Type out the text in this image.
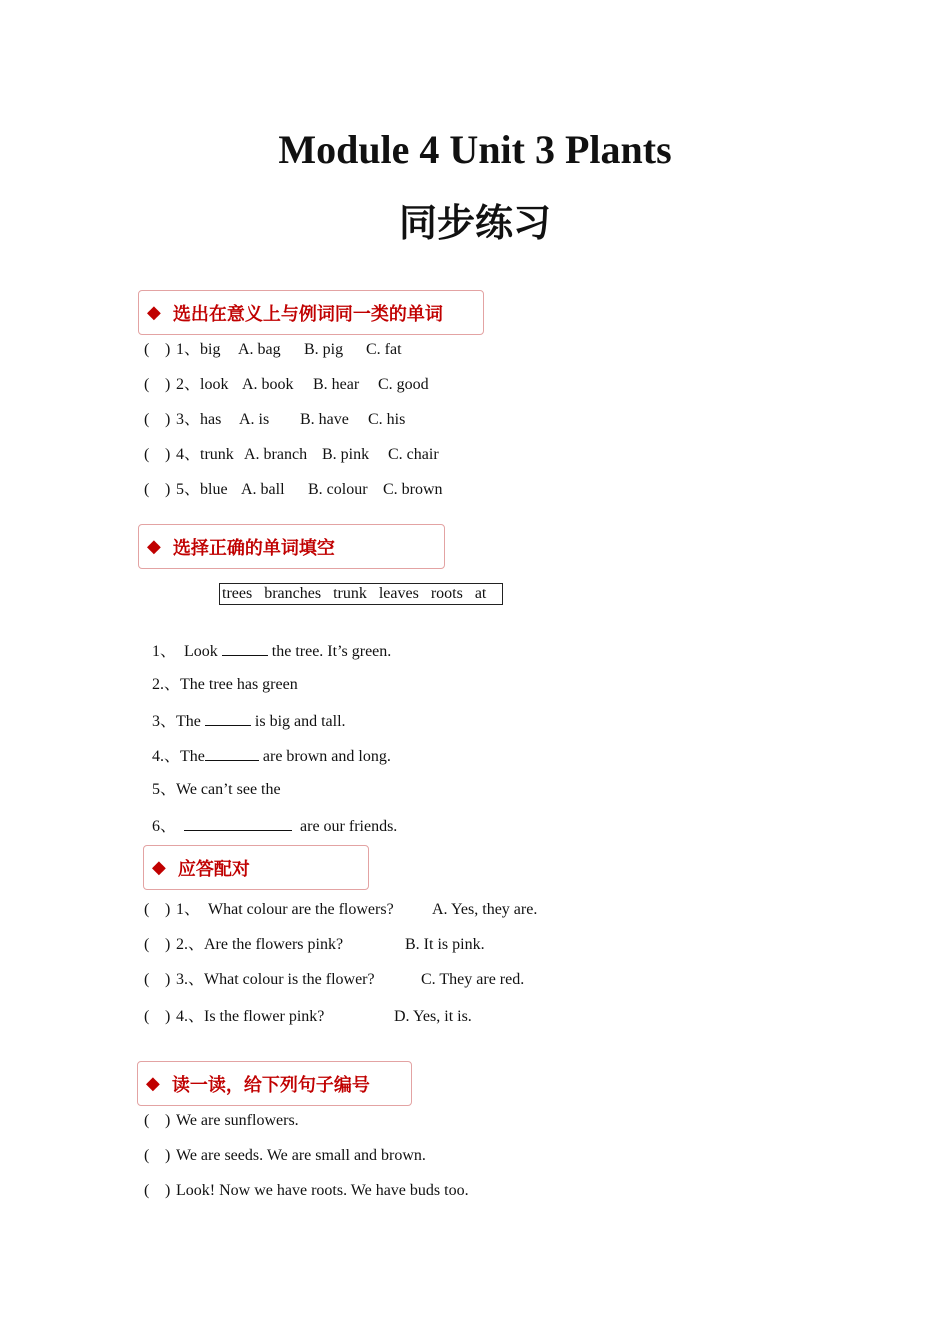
Module 4 Unit 3 Plants
同步练习
◆ 选出在意义上与例词同一类的单词
( ) 1、big A. bag B. pig C. fat
( ) 2、look A. book B. hear C. good
( ) 3、has A. is B. have C. his
( ) 4、trunk A. branch B. pink C. chair
( ) 5、blue A. ball B. colour C. brown
◆ 选择正确的单词填空
trees branches trunk leaves roots at

1、  Look	the tree. It’s green.

2.、The tree has green

3、The	is big and tall.

4.、The	are brown and long.

5、We can’t see the

6、	are our friends.

◆ 应答配对
( ) 1、  What colour are the flowers? A. Yes, they are.
( ) 2.、Are the flowers pink?	B. It is pink.
( ) 3.、What colour is the flower?	C. They are red.
( ) 4.、Is the flower pink?	D. Yes, it is.
◆ 读一读，给下列句子编号
( ) We are sunflowers.
( ) We are seeds. We are small and brown.
( ) Look! Now we have roots. We have buds too.
